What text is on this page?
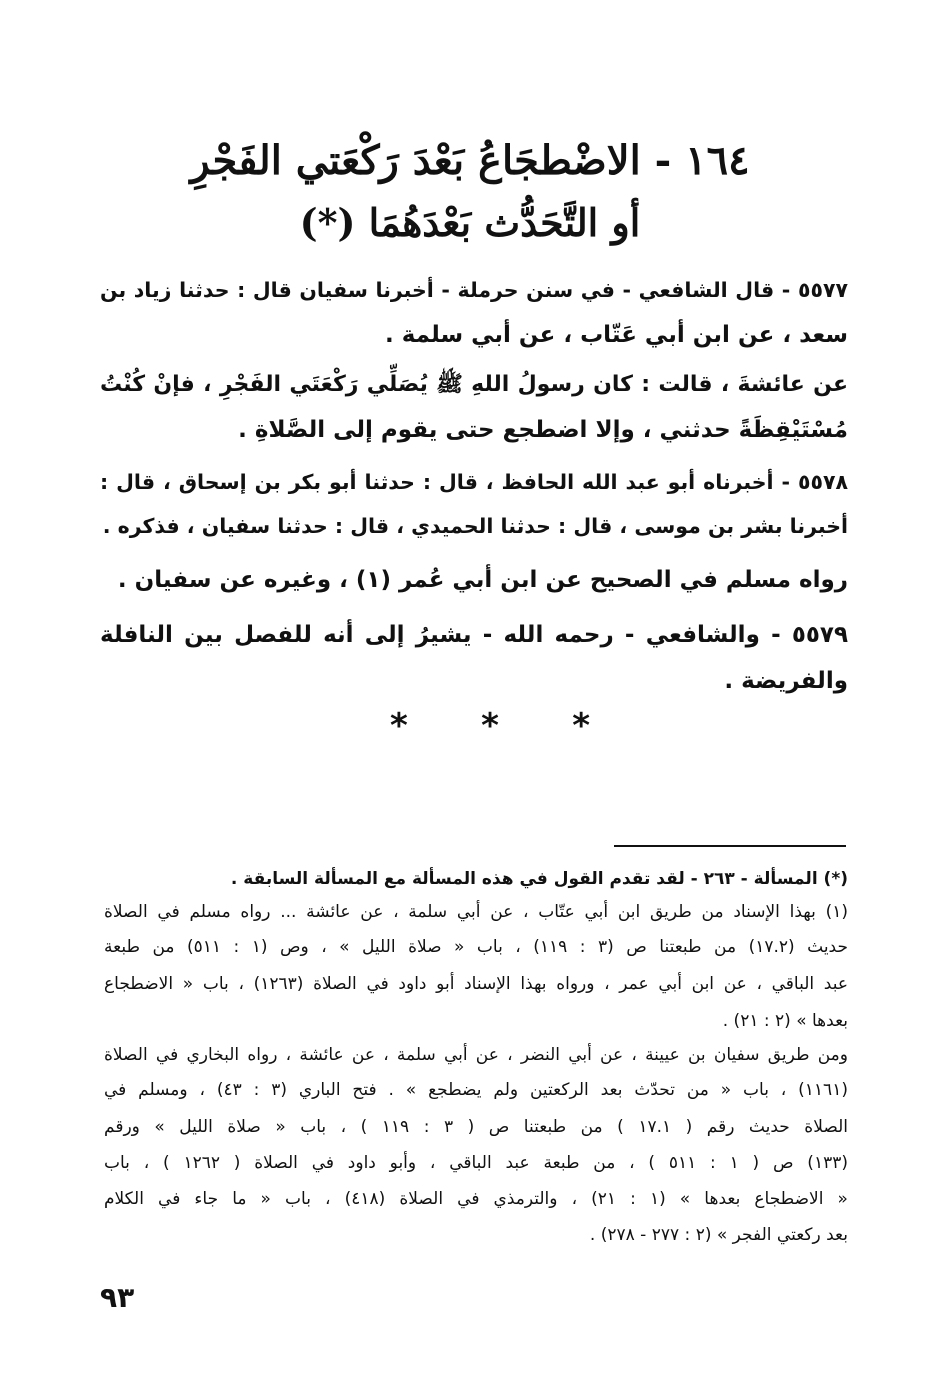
١٦٤ - الاضْطجَاعُ بَعْدَ رَكْعَتي الفَجْرِ
أو التَّحَدُّث بَعْدَهُمَا (*)
٥٥٧٧ - قال الشافعي - في سنن حرملة - أخبرنا سفيان قال : حدثنا زياد بن
سعد ، عن ابن أبي عَتّاب ، عن أبي سلمة .
عن عائشةَ ، قالت : كان رسولُ اللهِ ﷺ يُصَلِّي رَكْعَتَي الفَجْرِ ، فإنْ كُنْتُ
مُسْتَيْقِظَةً حدثني ، وإلا اضطجع حتى يقوم إلى الصَّلاةِ .
٥٥٧٨ - أخبرناه أبو عبد الله الحافظ ، قال : حدثنا أبو بكر بن إسحاق ، قال :
أخبرنا بشر بن موسى ، قال : حدثنا الحميدي ، قال : حدثنا سفيان ، فذكره .
رواه مسلم في الصحيح عن ابن أبي عُمر (١) ، وغيره عن سفيان .
٥٥٧٩ - والشافعي - رحمه الله - يشيرُ إلى أنه للفصل بين النافلة
والفريضة .
* * *
(*) المسألة - ٢٦٣ - لقد تقدم القول في هذه المسألة مع المسألة السابقة .
(١) بهذا الإسناد من طريق ابن أبي عتّاب ، عن أبي سلمة ، عن عائشة ... رواه مسلم في الصلاة
حديث (١٧.٢) من طبعتنا ص (٣ : ١١٩) ، باب « صلاة الليل » ، وص (١ : ٥١١) من طبعة
عبد الباقي ، عن ابن أبي عمر ، ورواه بهذا الإسناد أبو داود في الصلاة (١٢٦٣) ، باب « الاضطجاع
بعدها » (٢ : ٢١) .
ومن طريق سفيان بن عيينة ، عن أبي النضر ، عن أبي سلمة ، عن عائشة ، رواه البخاري في الصلاة
(١١٦١) ، باب « من تحدّث بعد الركعتين ولم يضطجع » . فتح الباري (٣ : ٤٣) ، ومسلم في
الصلاة حديث رقم ( ١٧.١ ) من طبعتنا ص ( ٣ : ١١٩ ) ، باب « صلاة الليل » ورقم
(١٣٣) ص ( ١ : ٥١١ ) ، من طبعة عبد الباقي ، وأبو داود في الصلاة ( ١٢٦٢ ) ، باب
« الاضطجاع بعدها » (١ : ٢١) ، والترمذي في الصلاة (٤١٨) ، باب « ما جاء في الكلام
بعد ركعتي الفجر » (٢ : ٢٧٧ - ٢٧٨) .
٩٣
